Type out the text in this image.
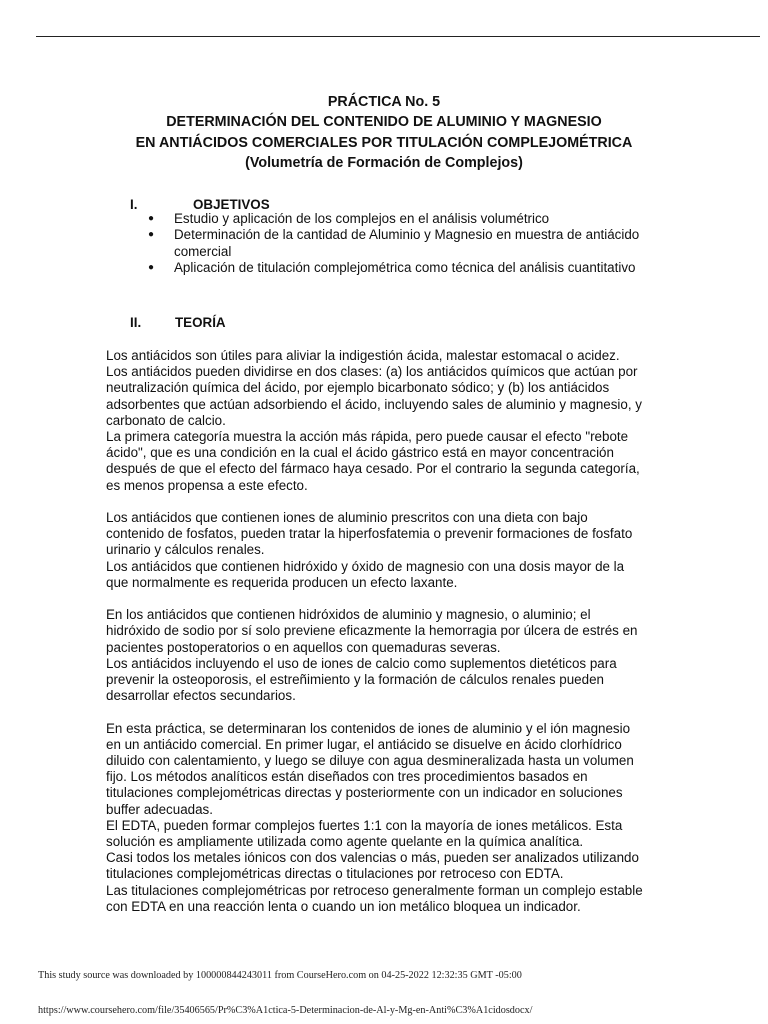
PRÁCTICA No. 5
DETERMINACIÓN DEL CONTENIDO DE ALUMINIO Y MAGNESIO
EN ANTIÁCIDOS COMERCIALES POR TITULACIÓN COMPLEJOMÉTRICA
(Volumetría de Formación de Complejos)
I.	OBJETIVOS
● Estudio y aplicación de los complejos en el análisis volumétrico
● Determinación de la cantidad de Aluminio y Magnesio en muestra de antiácido
comercial
● Aplicación de titulación complejométrica como técnica del análisis cuantitativo
II.	TEORÍA
Los antiácidos son útiles para aliviar la indigestión ácida, malestar estomacal o acidez.
Los antiácidos pueden dividirse en dos clases: (a) los antiácidos químicos que actúan por
neutralización química del ácido, por ejemplo bicarbonato sódico; y (b) los antiácidos
adsorbentes que actúan adsorbiendo el ácido, incluyendo sales de aluminio y magnesio, y
carbonato de calcio.
La primera categoría muestra la acción más rápida, pero puede causar el efecto "rebote
ácido", que es una condición en la cual el ácido gástrico está en mayor concentración
después de que el efecto del fármaco haya cesado. Por el contrario la segunda categoría,
es menos propensa a este efecto.
Los antiácidos que contienen iones de aluminio prescritos con una dieta con bajo
contenido de fosfatos, pueden tratar la hiperfosfatemia o prevenir formaciones de fosfato
urinario y cálculos renales.
Los antiácidos que contienen hidróxido y óxido de magnesio con una dosis mayor de la
que normalmente es requerida producen un efecto laxante.
En los antiácidos que contienen hidróxidos de aluminio y magnesio, o aluminio; el
hidróxido de sodio por sí solo previene eficazmente la hemorragia por úlcera de estrés en
pacientes postoperatorios o en aquellos con quemaduras severas.
Los antiácidos incluyendo el uso de iones de calcio como suplementos dietéticos para
prevenir la osteoporosis, el estreñimiento y la formación de cálculos renales pueden
desarrollar efectos secundarios.
En esta práctica, se determinaran los contenidos de iones de aluminio y el ión magnesio
en un antiácido comercial. En primer lugar, el antiácido se disuelve en ácido clorhídrico
diluido con calentamiento, y luego se diluye con agua desmineralizada hasta un volumen
fijo. Los métodos analíticos están diseñados con tres procedimientos basados en
titulaciones complejométricas directas y posteriormente con un indicador en soluciones
buffer adecuadas.
El EDTA, pueden formar complejos fuertes 1:1 con la mayoría de iones metálicos. Esta
solución es ampliamente utilizada como agente quelante en la química analítica.
Casi todos los metales iónicos con dos valencias o más, pueden ser analizados utilizando
titulaciones complejométricas directas o titulaciones por retroceso con EDTA.
Las titulaciones complejométricas por retroceso generalmente forman un complejo estable
con EDTA en una reacción lenta o cuando un ion metálico bloquea un indicador.
This study source was downloaded by 100000844243011 from CourseHero.com on 04-25-2022 12:32:35 GMT -05:00
https://www.coursehero.com/file/35406565/Pr%C3%A1ctica-5-Determinacion-de-Al-y-Mg-en-Anti%C3%A1cidosdocx/
